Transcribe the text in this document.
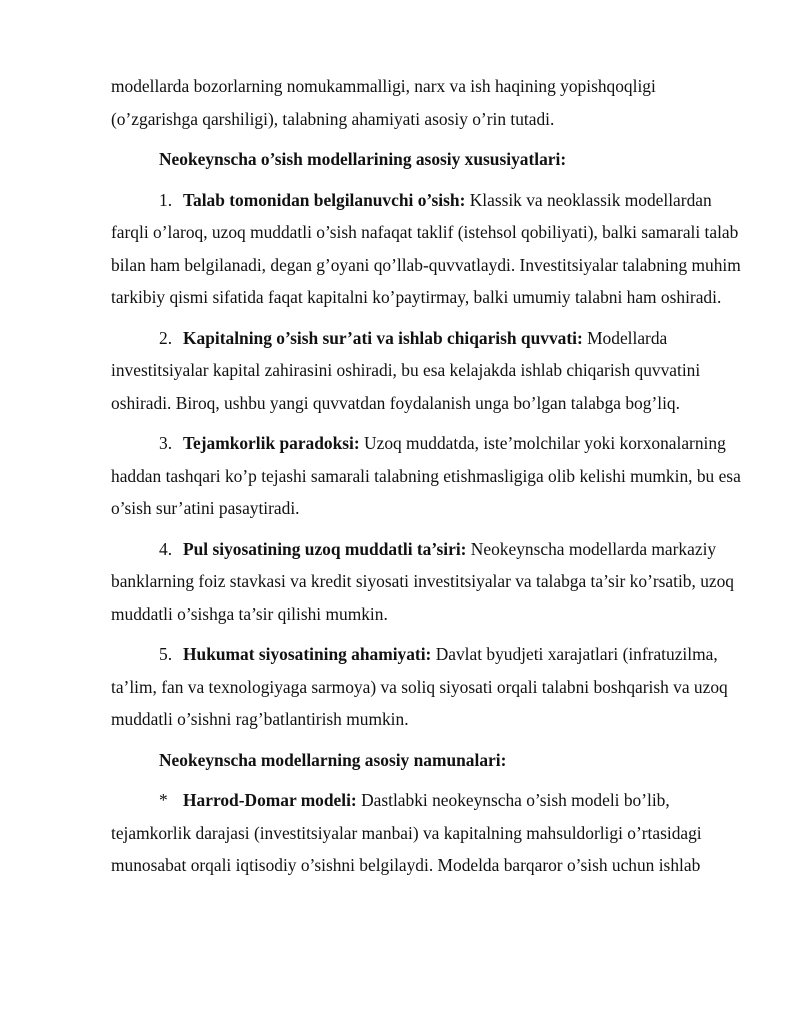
modellarda bozorlarning nomukammalligi, narx va ish haqining yopishqoqligi (o’zgarishga qarshiligi), talabning ahamiyati asosiy o’rin tutadi.

Neokeynscha o’sish modellarining asosiy xususiyatlari:

1. Talab tomonidan belgilanuvchi o’sish: Klassik va neoklassik modellardan farqli o’laroq, uzoq muddatli o’sish nafaqat taklif (istehsol qobiliyati), balki samarali talab bilan ham belgilanadi, degan g’oyani qo’llab-quvvatlaydi. Investitsiyalar talabning muhim tarkibiy qismi sifatida faqat kapitalni ko’paytirmay, balki umumiy talabni ham oshiradi.

2. Kapitalning o’sish sur’ati va ishlab chiqarish quvvati: Modellarda investitsiyalar kapital zahirasini oshiradi, bu esa kelajakda ishlab chiqarish quvvatini oshiradi. Biroq, ushbu yangi quvvatdan foydalanish unga bo’lgan talabga bog’liq.

3. Tejamkorlik paradoksi: Uzoq muddatda, iste’molchilar yoki korxonalarning haddan tashqari ko’p tejashi samarali talabning etishmasligiga olib kelishi mumkin, bu esa o’sish sur’atini pasaytiradi.

4. Pul siyosatining uzoq muddatli ta’siri: Neokeynscha modellarda markaziy banklarning foiz stavkasi va kredit siyosati investitsiyalar va talabga ta’sir ko’rsatib, uzoq muddatli o’sishga ta’sir qilishi mumkin.

5. Hukumat siyosatining ahamiyati: Davlat byudjeti xarajatlari (infratuzilma, ta’lim, fan va texnologiyaga sarmoya) va soliq siyosati orqali talabni boshqarish va uzoq muddatli o’sishni rag’batlantirish mumkin.

Neokeynscha modellarning asosiy namunalari:

* Harrod-Domar modeli: Dastlabki neokeynscha o’sish modeli bo’lib, tejamkorlik darajasi (investitsiyalar manbai) va kapitalning mahsuldorligi o’rtasidagi munosabat orqali iqtisodiy o’sishni belgilaydi. Modelda barqaror o’sish uchun ishlab
